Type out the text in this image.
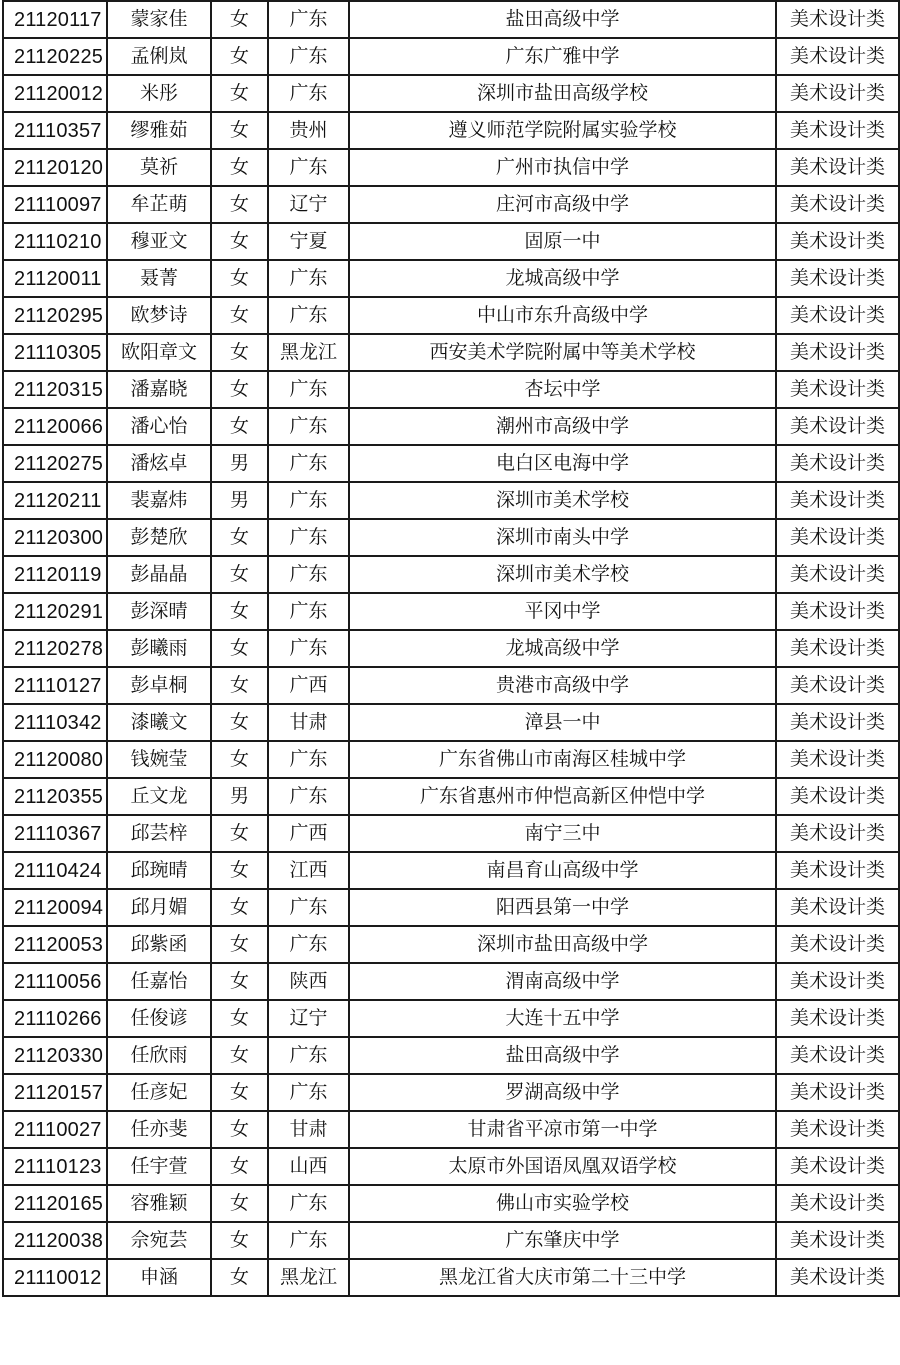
21120117	蒙家佳	女	广东	盐田高级中学	美术设计类
21120225	孟俐岚	女	广东	广东广雅中学	美术设计类
21120012	米彤	女	广东	深圳市盐田高级学校	美术设计类
21110357	缪雅茹	女	贵州	遵义师范学院附属实验学校	美术设计类
21120120	莫祈	女	广东	广州市执信中学	美术设计类
21110097	牟芷萌	女	辽宁	庄河市高级中学	美术设计类
21110210	穆亚文	女	宁夏	固原一中	美术设计类
21120011	聂菁	女	广东	龙城高级中学	美术设计类
21120295	欧梦诗	女	广东	中山市东升高级中学	美术设计类
21110305	欧阳章文	女	黑龙江	西安美术学院附属中等美术学校	美术设计类
21120315	潘嘉晓	女	广东	杏坛中学	美术设计类
21120066	潘心怡	女	广东	潮州市高级中学	美术设计类
21120275	潘炫卓	男	广东	电白区电海中学	美术设计类
21120211	裴嘉炜	男	广东	深圳市美术学校	美术设计类
21120300	彭楚欣	女	广东	深圳市南头中学	美术设计类
21120119	彭晶晶	女	广东	深圳市美术学校	美术设计类
21120291	彭深晴	女	广东	平冈中学	美术设计类
21120278	彭曦雨	女	广东	龙城高级中学	美术设计类
21110127	彭卓桐	女	广西	贵港市高级中学	美术设计类
21110342	漆曦文	女	甘肃	漳县一中	美术设计类
21120080	钱婉莹	女	广东	广东省佛山市南海区桂城中学	美术设计类
21120355	丘文龙	男	广东	广东省惠州市仲恺高新区仲恺中学	美术设计类
21110367	邱芸梓	女	广西	南宁三中	美术设计类
21110424	邱琬晴	女	江西	南昌育山高级中学	美术设计类
21120094	邱月媚	女	广东	阳西县第一中学	美术设计类
21120053	邱紫函	女	广东	深圳市盐田高级中学	美术设计类
21110056	任嘉怡	女	陕西	渭南高级中学	美术设计类
21110266	任俊谚	女	辽宁	大连十五中学	美术设计类
21120330	任欣雨	女	广东	盐田高级中学	美术设计类
21120157	任彦妃	女	广东	罗湖高级中学	美术设计类
21110027	任亦斐	女	甘肃	甘肃省平凉市第一中学	美术设计类
21110123	任宇萱	女	山西	太原市外国语凤凰双语学校	美术设计类
21120165	容雅颖	女	广东	佛山市实验学校	美术设计类
21120038	佘宛芸	女	广东	广东肇庆中学	美术设计类
21110012	申涵	女	黑龙江	黑龙江省大庆市第二十三中学	美术设计类
